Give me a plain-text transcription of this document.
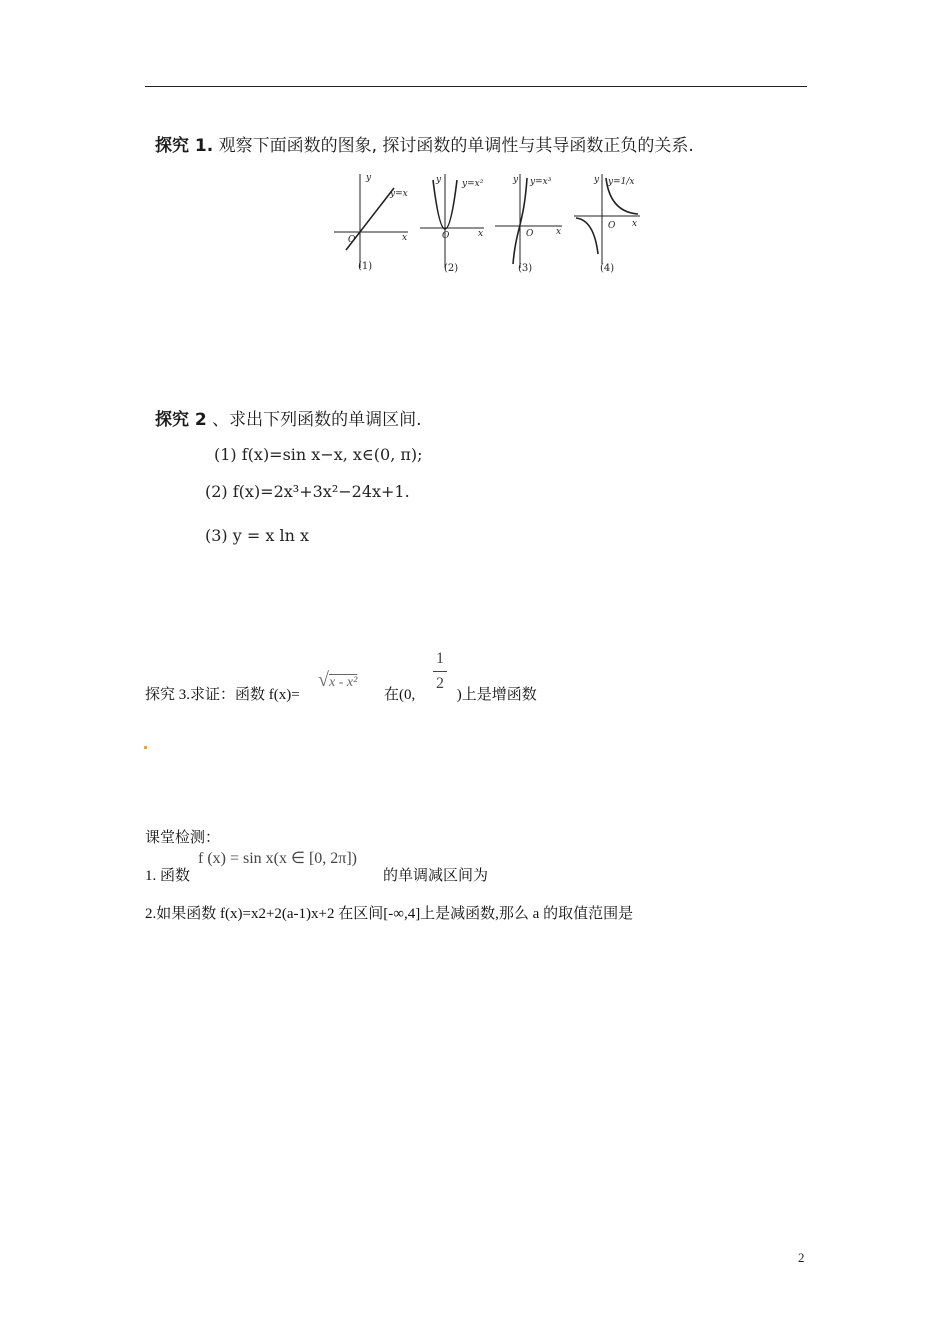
探究 1. 观察下面函数的图象, 探讨函数的单调性与其导函数正负的关系.
y
x
O
y=x
(1)
y
x
O
y=x²
(2)
y
x
O
y=x³
(3)
y
x
O
y=1/x
(4)
探究 2 、求出下列函数的单调区间.
(1) f(x)=sin x−x, x∈(0, π);
(2) f(x)=2x³+3x²−24x+1.
(3) y = x ln x
探究 3.求证：函数 f(x)=
√x - x²
在(0,	)上是增函数
1
2
课堂检测：
1. 函数
f (x) = sin x(x ∈ [0, 2π])
的单调减区间为
2.如果函数 f(x)=x2+2(a-1)x+2 在区间[-∞,4]上是减函数,那么 a 的取值范围是
2
